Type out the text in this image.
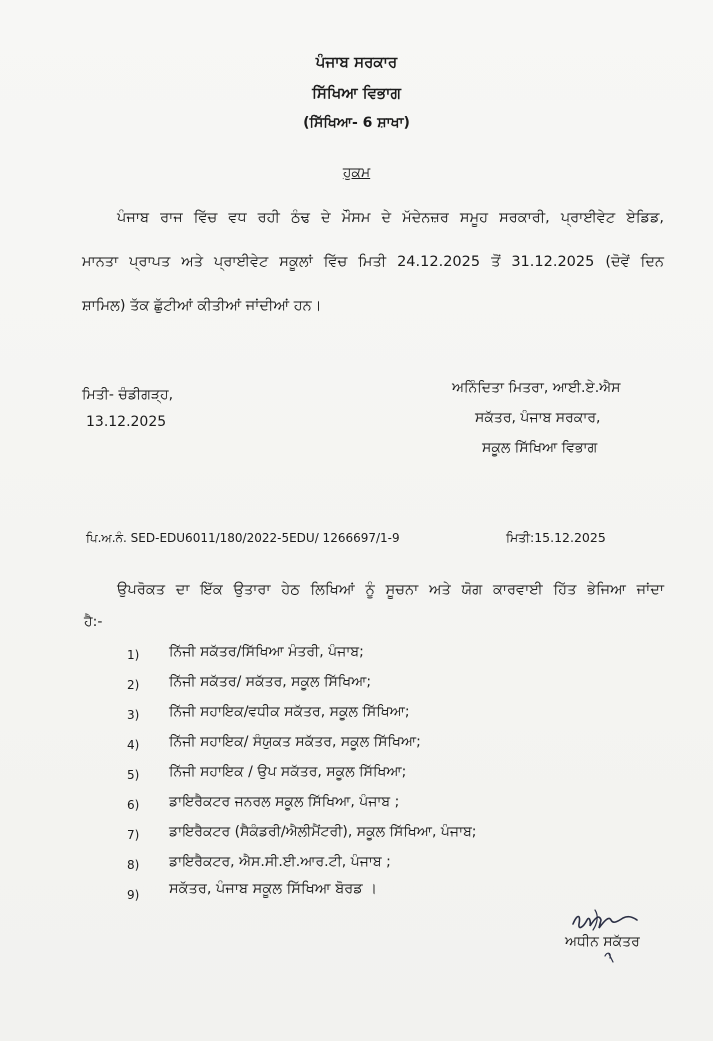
ਪੰਜਾਬ ਸਰਕਾਰ
ਸਿੱਖਿਆ ਵਿਭਾਗ
(ਸਿੱਖਿਆ- 6 ਸ਼ਾਖਾ)
ਹੁਕਮ
ਪੰਜਾਬ ਰਾਜ ਵਿੱਚ ਵਧ ਰਹੀ ਠੰਢ ਦੇ ਮੌਸਮ ਦੇ ਮੱਦੇਨਜ਼ਰ ਸਮੂਹ ਸਰਕਾਰੀ, ਪ੍ਰਾਈਵੇਟ ਏਡਿਡ,
ਮਾਨਤਾ ਪ੍ਰਾਪਤ ਅਤੇ ਪ੍ਰਾਈਵੇਟ ਸਕੂਲਾਂ ਵਿੱਚ ਮਿਤੀ 24.12.2025 ਤੋਂ 31.12.2025 (ਦੋਵੇਂ ਦਿਨ
ਸ਼ਾਮਿਲ) ਤੱਕ ਛੁੱਟੀਆਂ ਕੀਤੀਆਂ ਜਾਂਦੀਆਂ ਹਨ।
ਮਿਤੀ- ਚੰਡੀਗੜ੍ਹ,
13.12.2025
ਅਨਿੰਦਿਤਾ ਮਿਤਰਾ, ਆਈ.ਏ.ਐਸ
ਸਕੱਤਰ, ਪੰਜਾਬ ਸਰਕਾਰ,
ਸਕੂਲ ਸਿੱਖਿਆ ਵਿਭਾਗ
ਪਿ.ਅ.ਨੰ. SED-EDU6011/180/2022-5EDU/ 1266697/1-9	ਮਿਤੀ:15.12.2025
ਉਪਰੋਕਤ ਦਾ ਇੱਕ ਉਤਾਰਾ ਹੇਠ ਲਿਖਿਆਂ ਨੂੰ ਸੂਚਨਾ ਅਤੇ ਯੋਗ ਕਾਰਵਾਈ ਹਿੱਤ ਭੇਜਿਆ ਜਾਂਦਾ
ਹੈ:-
1) ਨਿੱਜੀ ਸਕੱਤਰ/ਸਿੱਖਿਆ ਮੰਤਰੀ, ਪੰਜਾਬ;
2) ਨਿੱਜੀ ਸਕੱਤਰ/ ਸਕੱਤਰ, ਸਕੂਲ ਸਿੱਖਿਆ;
3) ਨਿੱਜੀ ਸਹਾਇਕ/ਵਧੀਕ ਸਕੱਤਰ, ਸਕੂਲ ਸਿੱਖਿਆ;
4) ਨਿੱਜੀ ਸਹਾਇਕ/ ਸੰਯੁਕਤ ਸਕੱਤਰ, ਸਕੂਲ ਸਿੱਖਿਆ;
5) ਨਿੱਜੀ ਸਹਾਇਕ / ਉਪ ਸਕੱਤਰ, ਸਕੂਲ ਸਿੱਖਿਆ;
6) ਡਾਇਰੈਕਟਰ ਜਨਰਲ ਸਕੂਲ ਸਿੱਖਿਆ, ਪੰਜਾਬ ;
7) ਡਾਇਰੈਕਟਰ (ਸੈਕੰਡਰੀ/ਐਲੀਮੈਂਟਰੀ), ਸਕੂਲ ਸਿੱਖਿਆ, ਪੰਜਾਬ;
8) ਡਾਇਰੈਕਟਰ, ਐਸ.ਸੀ.ਈ.ਆਰ.ਟੀ, ਪੰਜਾਬ ;
9) ਸਕੱਤਰ, ਪੰਜਾਬ ਸਕੂਲ ਸਿੱਖਿਆ ਬੋਰਡ ।
ਅਧੀਨ ਸਕੱਤਰ
